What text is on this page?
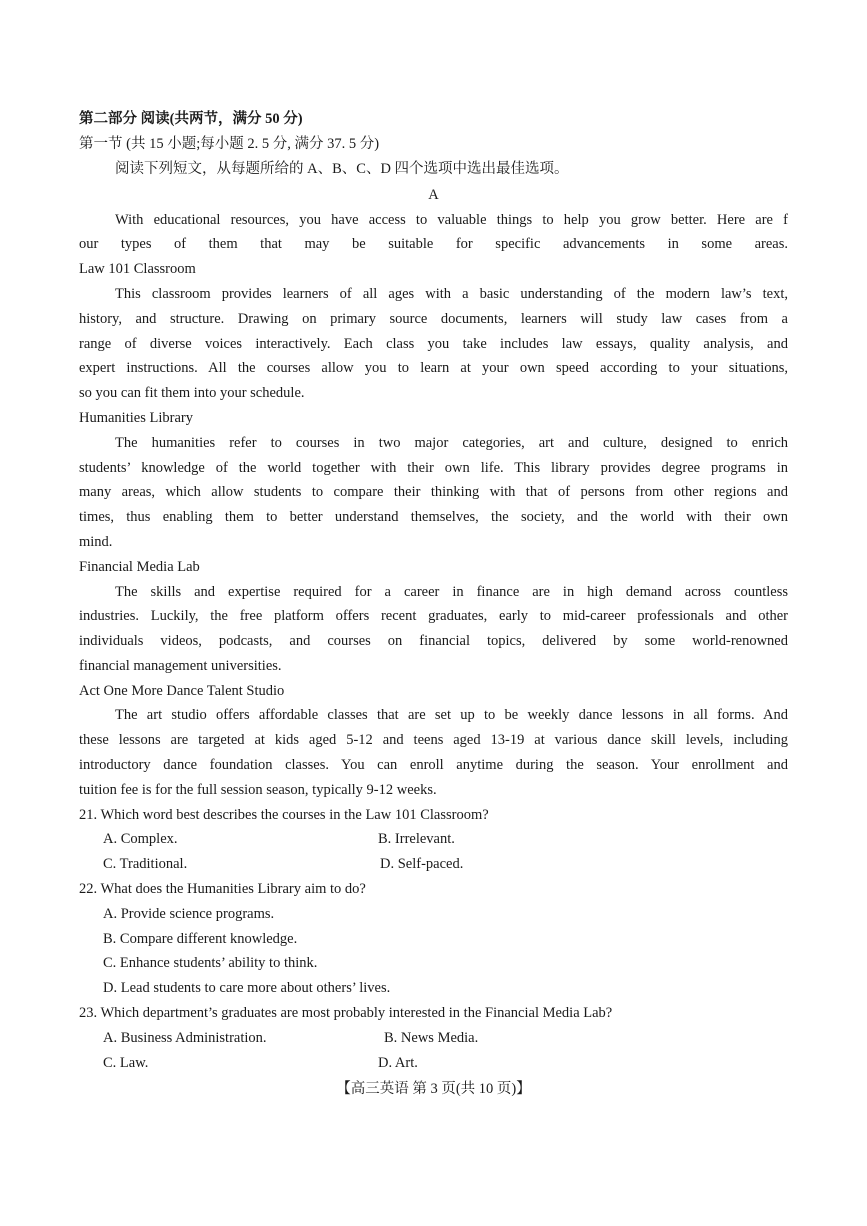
第二部分 阅读(共两节，满分 50 分)
第一节 (共 15 小题;每小题 2. 5 分, 满分 37. 5 分)
阅读下列短文，从每题所给的 A、B、C、D 四个选项中选出最佳选项。
A
With educational resources, you have access to valuable things to help you grow better. Here are f
our types of them that may be suitable for specific advancements in some areas.
Law 101 Classroom
This classroom provides learners of all ages with a basic understanding of the modern law’s text,
history, and structure. Drawing on primary source documents, learners will study law cases from a
range of diverse voices interactively. Each class you take includes law essays, quality analysis, and
expert instructions. All the courses allow you to learn at your own speed according to your situations,
so you can fit them into your schedule.
Humanities Library
The humanities refer to courses in two major categories, art and culture, designed to enrich
students’ knowledge of the world together with their own life. This library provides degree programs in
many areas, which allow students to compare their thinking with that of persons from other regions and
times, thus enabling them to better understand themselves, the society, and the world with their own
mind.
Financial Media Lab
The skills and expertise required for a career in finance are in high demand across countless
industries. Luckily, the free platform offers recent graduates, early to mid-career professionals and other
individuals videos, podcasts, and courses on financial topics, delivered by some world-renowned
financial management universities.
Act One More Dance Talent Studio
The art studio offers affordable classes that are set up to be weekly dance lessons in all forms. And
these lessons are targeted at kids aged 5-12 and teens aged 13-19 at various dance skill levels, including
introductory dance foundation classes. You can enroll anytime during the season. Your enrollment and
tuition fee is for the full session season, typically 9-12 weeks.
21. Which word best describes the courses in the Law 101 Classroom?
A. Complex.	B. Irrelevant.
C. Traditional.	D. Self-paced.
22. What does the Humanities Library aim to do?
A. Provide science programs.
B. Compare different knowledge.
C. Enhance students’ ability to think.
D. Lead students to care more about others’ lives.
23. Which department’s graduates are most probably interested in the Financial Media Lab?
A. Business Administration.	B. News Media.
C. Law.	D. Art.
【高三英语 第 3 页(共 10 页)】
